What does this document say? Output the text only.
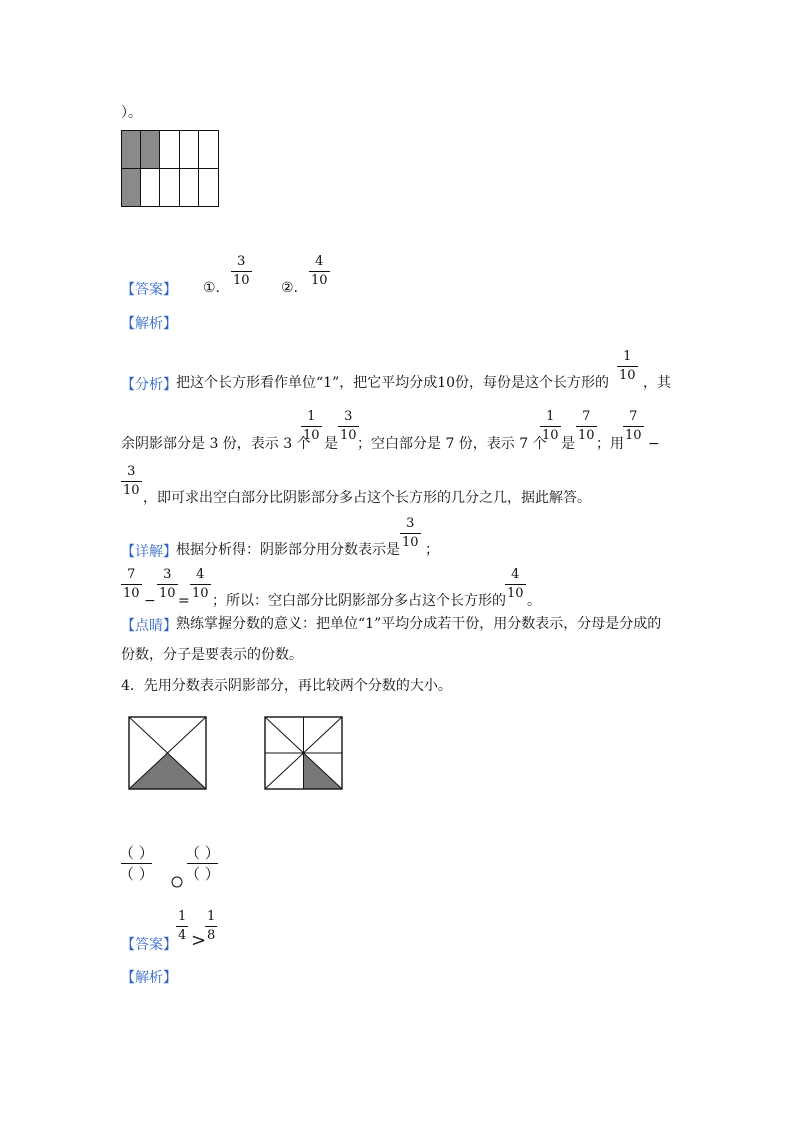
）。
【答案】 ①.
3
10 ②.
4
10
【解析】
【分析】 把这个长方形看作单位“1”，把它平均分成10份，每份是这个长方形的
1
10 ，其
余阴影部分是 3 份，表示 3 个
1
10
是
3
10
；空白部分是 7 份，表示 7 个
1
10
是
7
10
；用
7
10
−
3
10 ，即可求出空白部分比阴影部分多占这个长方形的几分之几，据此解答。
【详解】 根据分析得：阴影部分用分数表示是
3
10 ；
7
10 −
3
10 =
4
10 ；所以：空白部分比阴影部分多占这个长方形的
4
10 。
【点睛】 熟练掌握分数的意义：把单位“1”平均分成若干份，用分数表示，分母是分成的
份数，分子是要表示的份数。
4．先用分数表示阴影部分，再比较两个分数的大小。
（ ）
（ ）
（ ）
（ ）
【答案】
1
4 >
1
8
【解析】
